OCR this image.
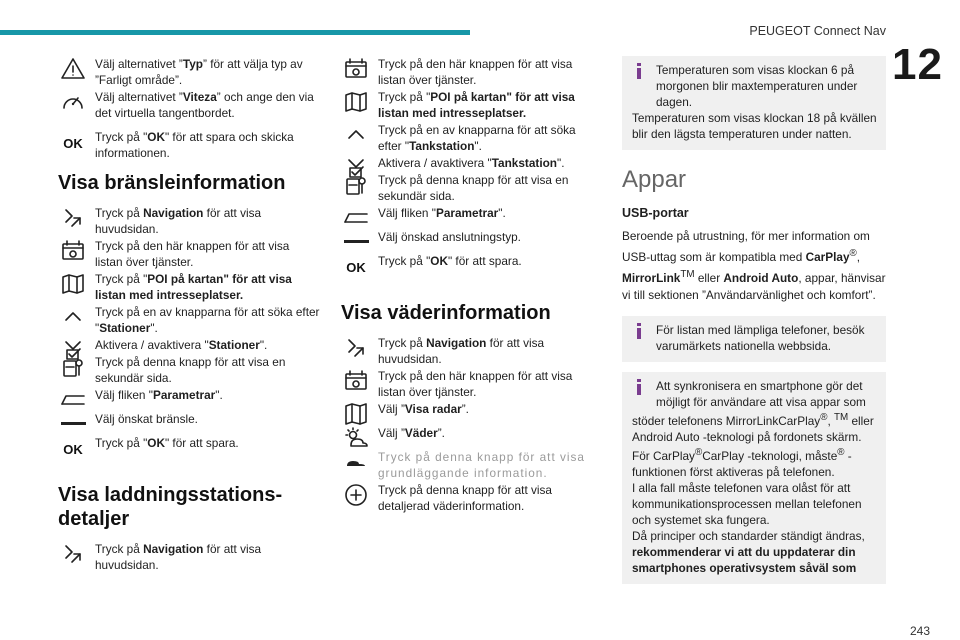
PEUGEOT Connect Nav
12
Välj alternativet ”Typ” för att välja typ av ”Farligt område”.
Välj alternativet ”Viteza” och ange den via det virtuella tangentbordet.
OK Tryck på "OK" för att spara och skicka informationen.
Visa bränsleinformation
Tryck på Navigation för att visa huvudsidan.
Tryck på den här knappen för att visa listan över tjänster.
Tryck på "POI på kartan" för att visa listan med intresseplatser.
Tryck på en av knapparna för att söka efter "Stationer".
Aktivera / avaktivera "Stationer".
Tryck på denna knapp för att visa en sekundär sida.
Välj fliken "Parametrar".
Välj önskat bränsle.
OK Tryck på "OK" för att spara.
Visa laddningsstations-detaljer
Tryck på Navigation för att visa huvudsidan.
Tryck på den här knappen för att visa listan över tjänster.
Tryck på "POI på kartan" för att visa listan med intresseplatser.
Tryck på en av knapparna för att söka efter "Tankstation".
Aktivera / avaktivera "Tankstation".
Tryck på denna knapp för att visa en sekundär sida.
Välj fliken "Parametrar".
Välj önskad anslutningstyp.
OK Tryck på "OK" för att spara.
Visa väderinformation
Tryck på Navigation för att visa huvudsidan.
Tryck på den här knappen för att visa listan över tjänster.
Välj ”Visa radar”.
Välj ”Väder”.
Tryck på denna knapp för att visa grundläggande information.
Tryck på denna knapp för att visa detaljerad väderinformation.
Temperaturen som visas klockan 6 på morgonen blir maxtemperaturen under dagen.
Temperaturen som visas klockan 18 på kvällen blir den lägsta temperaturen under natten.
Appar
USB-portar
Beroende på utrustning, för mer information om USB-uttag som är kompatibla med CarPlay®, MirrorLink™ eller Android Auto, appar, hänvisar vi till sektionen ”Användarvänlighet och komfort”.
För listan med lämpliga telefoner, besök varumärkets nationella webbsida.
Att synkronisera en smartphone gör det möjligt för användare att visa appar som
stöder telefonens MirrorLinkCarPlay®, ™ eller Android Auto -teknologi på fordonets skärm. För CarPlay®CarPlay -teknologi, måste® -funktionen först aktiveras på telefonen.
I alla fall måste telefonen vara olåst för att kommunikationsprocessen mellan telefonen och systemet ska fungera.
Då principer och standarder ständigt ändras, rekommenderar vi att du uppdaterar din smartphones operativsystem såväl som
243
